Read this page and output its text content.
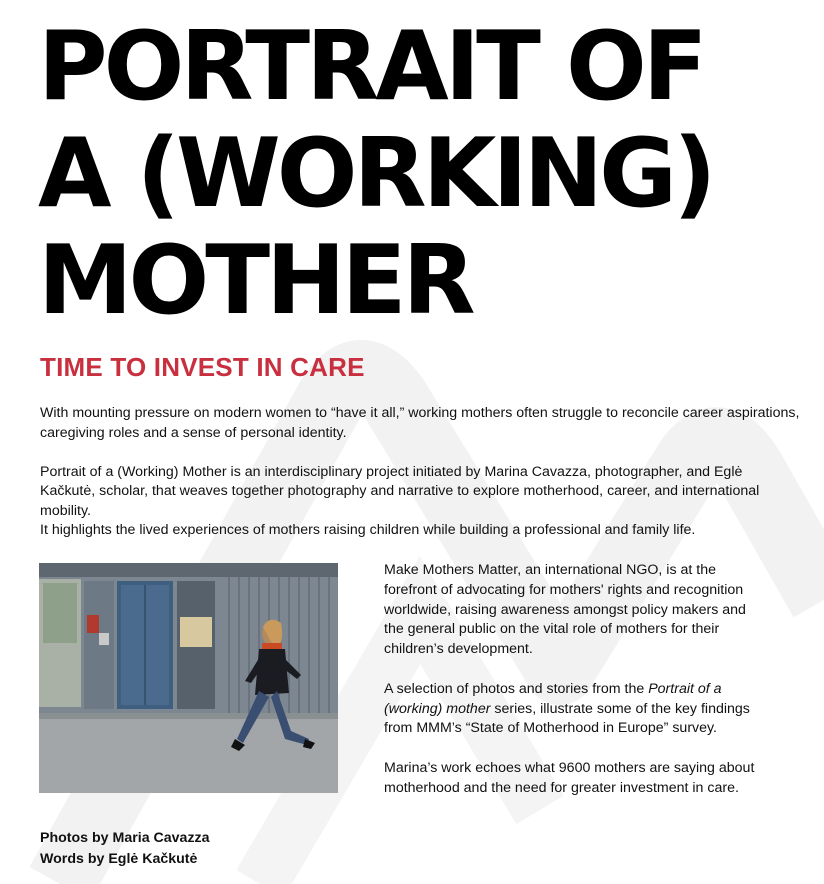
PORTRAIT OF
A (WORKING)
MOTHER
TIME TO INVEST IN CARE

With mounting pressure on modern women to “have it all,” working mothers often struggle to reconcile career aspirations, caregiving roles and a sense of personal identity.

Portrait of a (Working) Mother is an interdisciplinary project initiated by Marina Cavazza, photographer, and Eglė Kačkutė, scholar, that weaves together photography and narrative to explore motherhood, career, and international mobility.

It highlights the lived experiences of mothers raising children while building a professional and family life.

Photos by Maria Cavazza
Words by Eglė Kačkutė

Make Mothers Matter, an international NGO, is at the forefront of advocating for mothers' rights and recognition worldwide, raising awareness amongst policy makers and the general public on the vital role of mothers for their children’s development.

A selection of photos and stories from the Portrait of a (working) mother series, illustrate some of the key findings from MMM’s “State of Motherhood in Europe” survey.

Marina’s work echoes what 9600 mothers are saying about motherhood and the need for greater investment in care.
